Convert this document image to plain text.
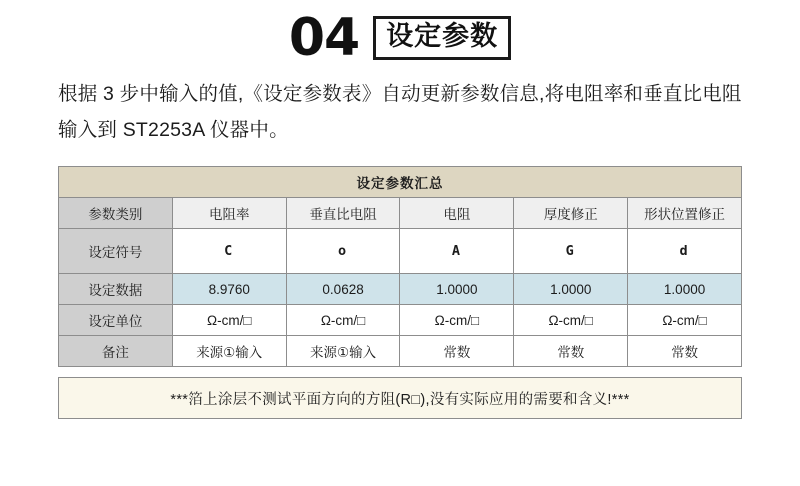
04	设定参数
根据 3 步中输入的值,《设定参数表》自动更新参数信息,将电阻率和垂直比电阻输入到 ST2253A 仪器中。
设定参数汇总					
参数类别	电阻率	垂直比电阻	电阻	厚度修正	形状位置修正
设定符号	C	o	A	G	d
设定数据	8.9760	0.0628	1.0000	1.0000	1.0000
设定单位	Ω-cm/□	Ω-cm/□	Ω-cm/□	Ω-cm/□	Ω-cm/□
备注	来源①输入	来源①输入	常数	常数	常数
***箔上涂层不测试平面方向的方阻(R□),没有实际应用的需要和含义!***
